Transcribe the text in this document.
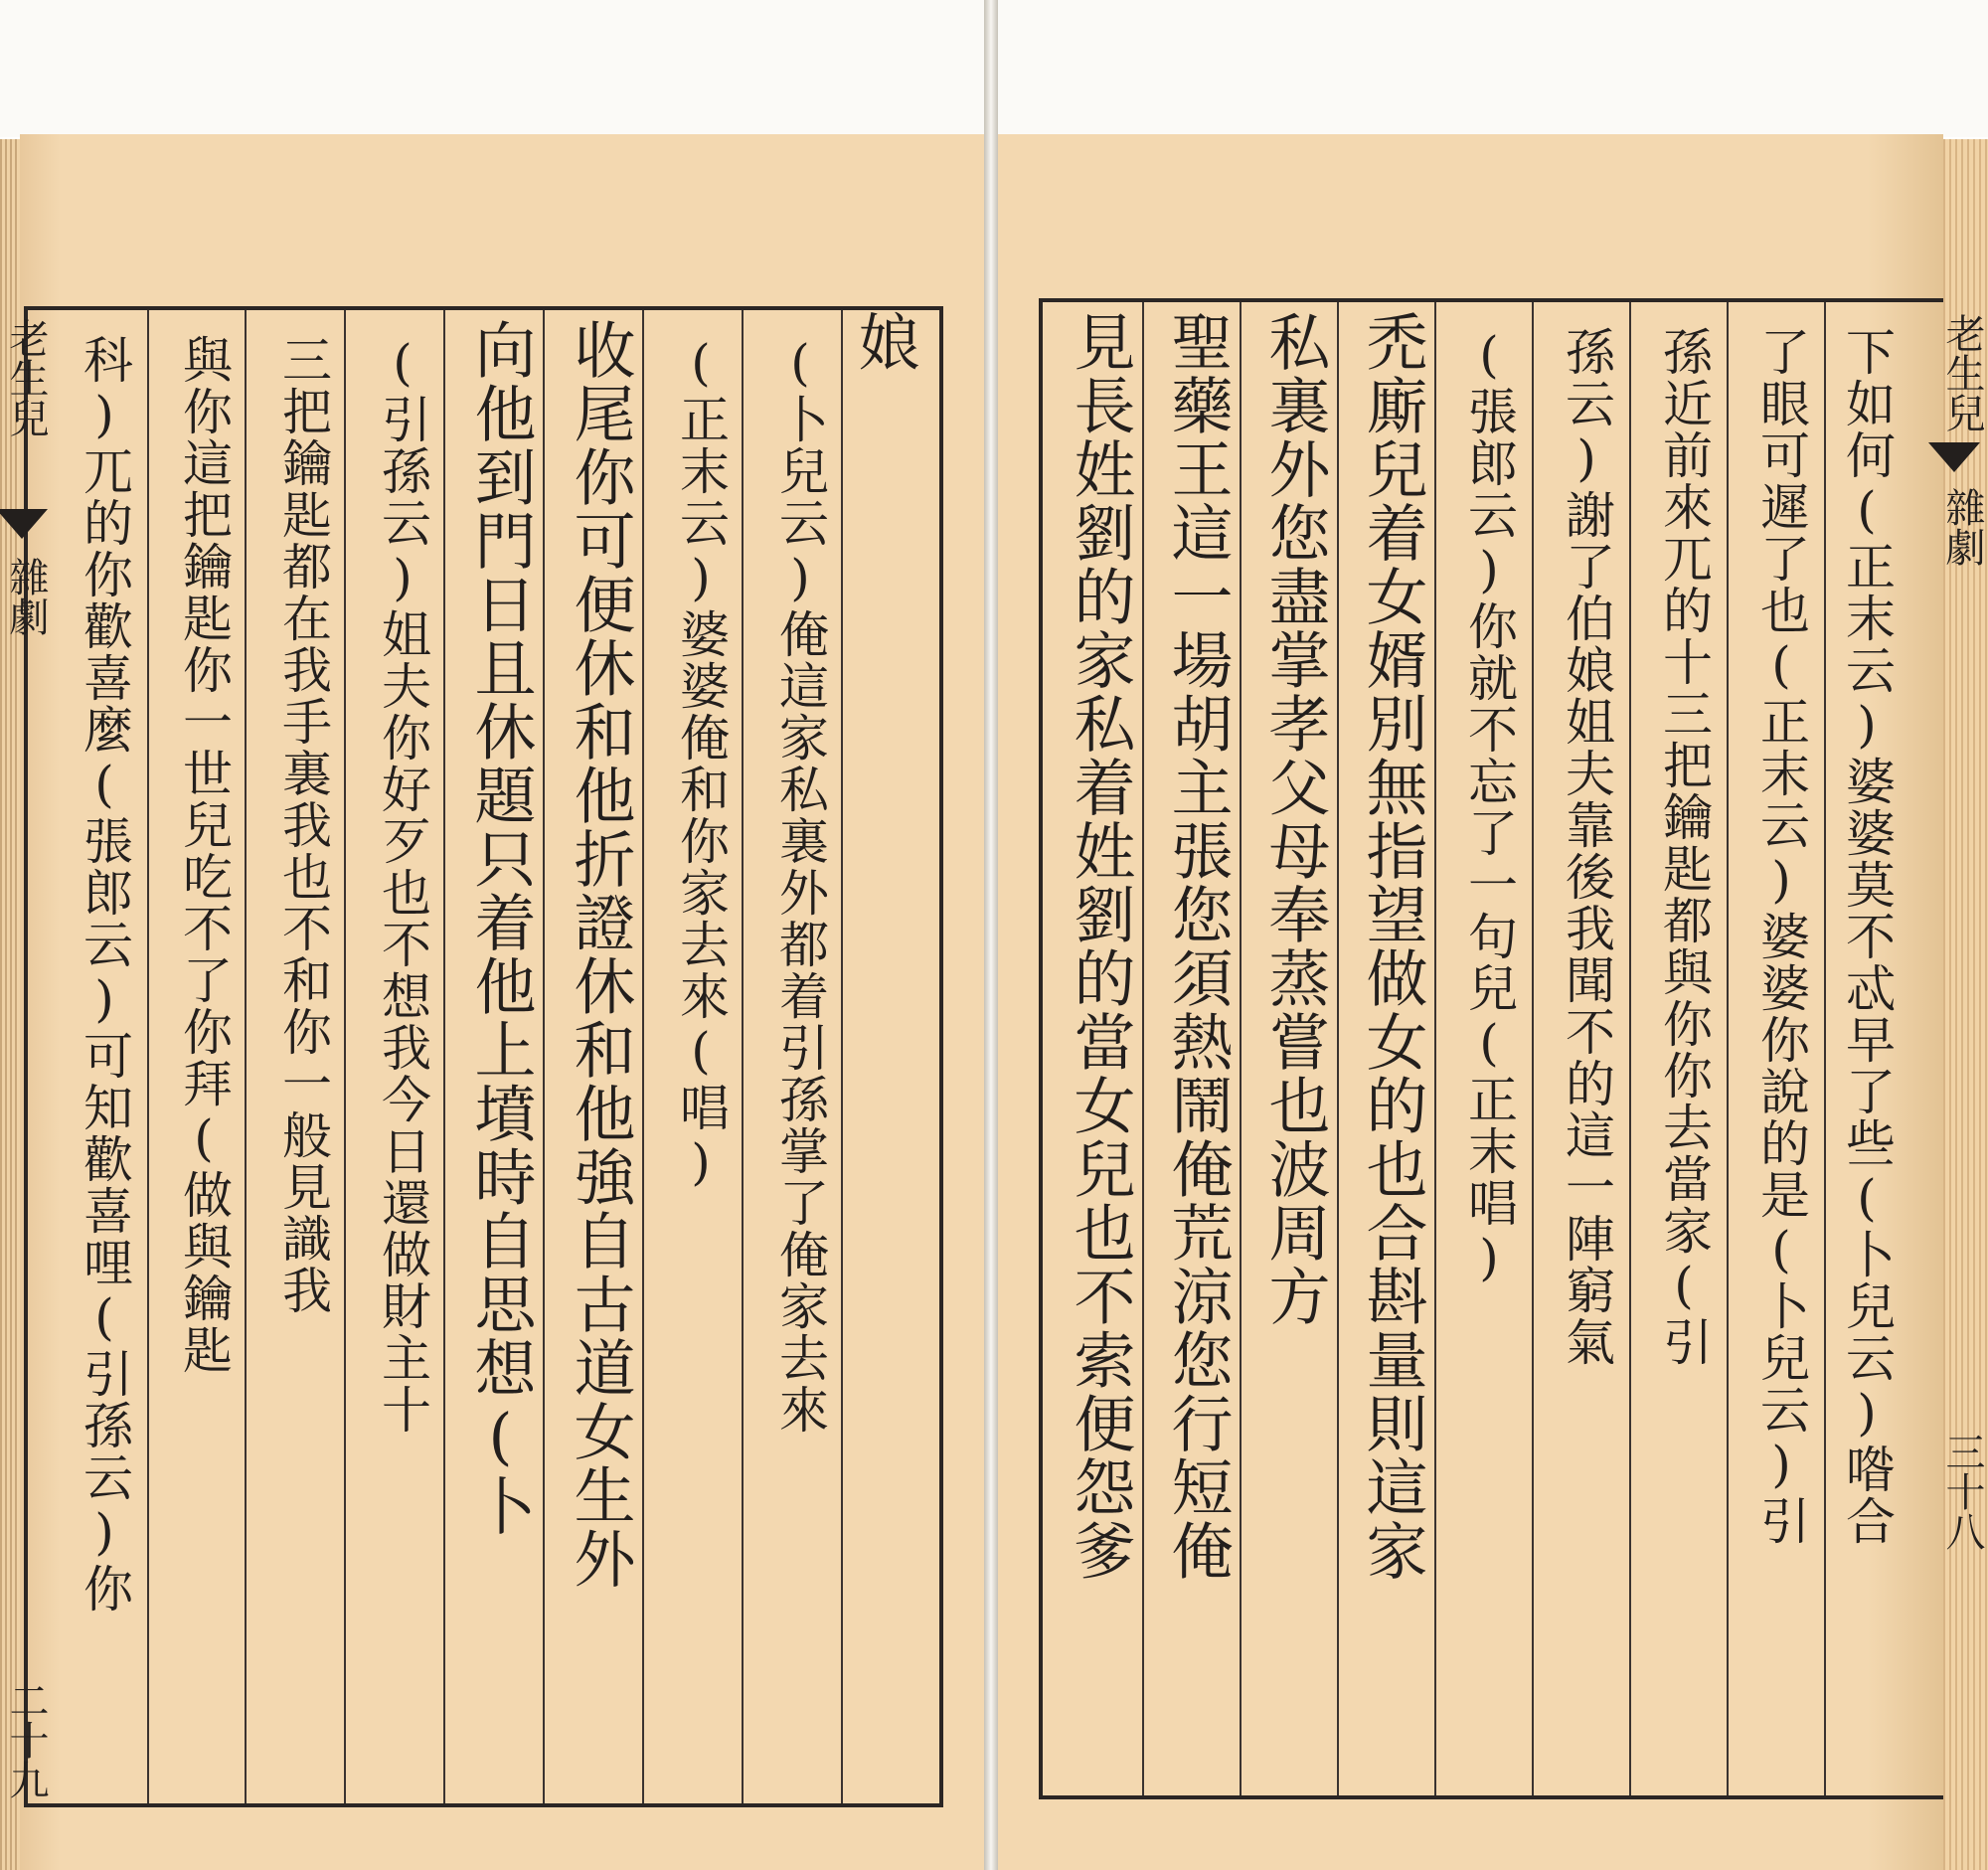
娘
(卜兒云)俺這家私裏外都着引孫掌了俺家去來
(正末云)婆婆俺和你家去來(唱)
收尾你可便休和他折證休和他強自古道女生外
向他到門日且休題只着他上墳時自思想(卜
(引孫云)姐夫你好歹也不想我今日還做財主十
三把鑰匙都在我手裏我也不和你一般見識我
與你這把鑰匙你一世兒吃不了你拜(做與鑰匙
科)兀的你歡喜麼(張郎云)可知歡喜哩(引孫云)你
老生兒
雜劇
二十九
下如何(正末云)婆婆莫不忒早了些(卜兒云)喒合
了眼可遲了也(正末云)婆婆你說的是(卜兒云)引
孫近前來兀的十三把鑰匙都與你你去當家(引
孫云)謝了伯娘姐夫靠後我聞不的這一陣窮氣
(張郎云)你就不忘了一句兒(正末唱)
禿廝兒着女婿別無指望做女的也合斟量則這家
私裏外您盡掌孝父母奉蒸嘗也波周方
聖藥王這一場胡主張您須熱鬧俺荒涼您行短俺
見長姓劉的家私着姓劉的當女兒也不索便怨爹	老生兒
雜劇
三十八
